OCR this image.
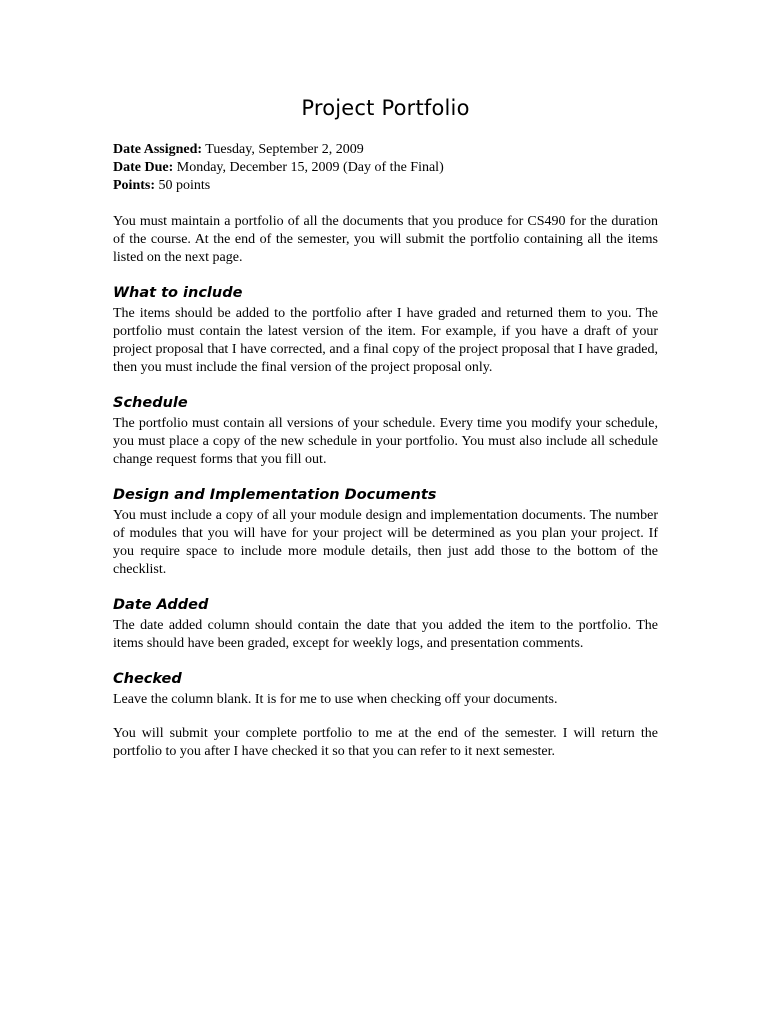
Project Portfolio

Date Assigned: Tuesday, September 2, 2009

Date Due: Monday, December 15, 2009 (Day of the Final)

Points: 50 points

You must maintain a portfolio of all the documents that you produce for CS490 for the duration of the course. At the end of the semester, you will submit the portfolio containing all the items listed on the next page.

What to include

The items should be added to the portfolio after I have graded and returned them to you. The portfolio must contain the latest version of the item. For example, if you have a draft of your project proposal that I have corrected, and a final copy of the project proposal that I have graded, then you must include the final version of the project proposal only.

Schedule

The portfolio must contain all versions of your schedule. Every time you modify your schedule, you must place a copy of the new schedule in your portfolio. You must also include all schedule change request forms that you fill out.

Design and Implementation Documents

You must include a copy of all your module design and implementation documents. The number of modules that you will have for your project will be determined as you plan your project. If you require space to include more module details, then just add those to the bottom of the checklist.

Date Added

The date added column should contain the date that you added the item to the portfolio. The items should have been graded, except for weekly logs, and presentation comments.

Checked

Leave the column blank. It is for me to use when checking off your documents.

You will submit your complete portfolio to me at the end of the semester. I will return the portfolio to you after I have checked it so that you can refer to it next semester.
